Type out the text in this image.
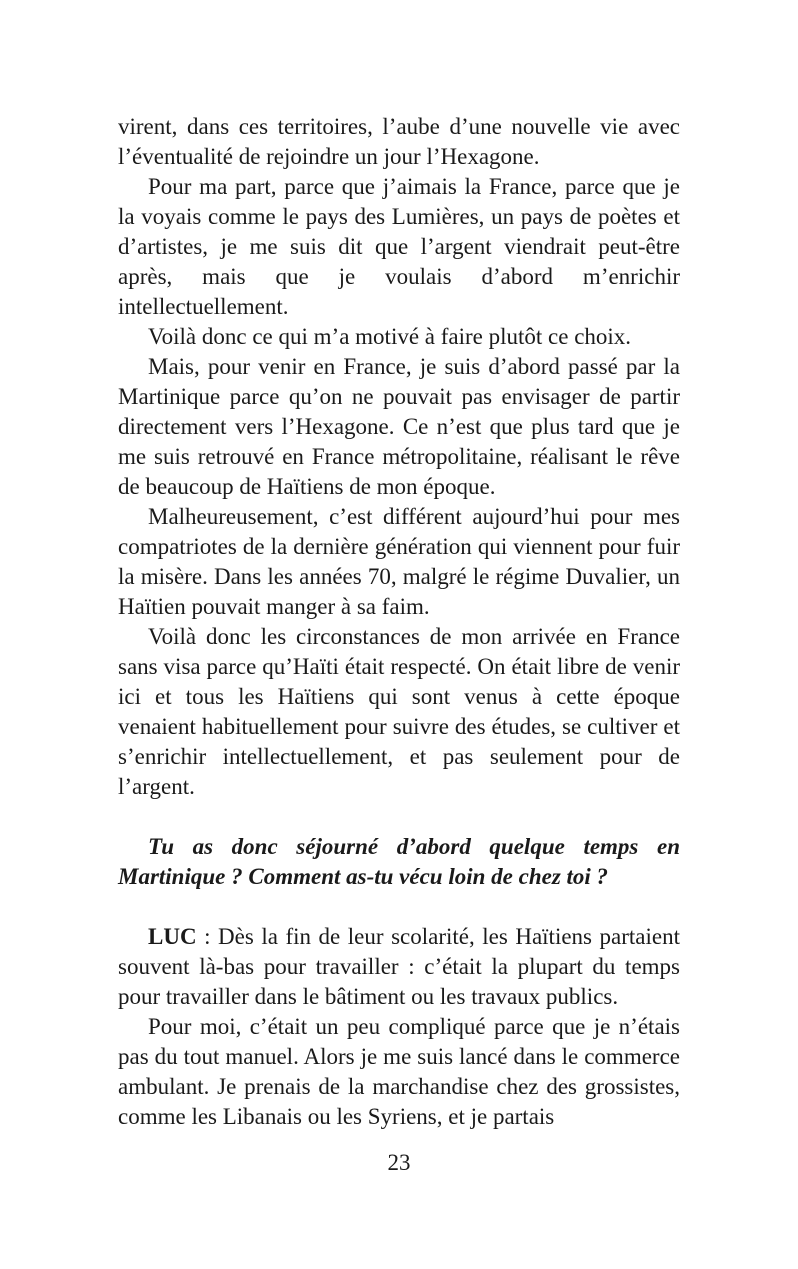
virent, dans ces territoires, l’aube d’une nouvelle vie avec l’éventualité de rejoindre un jour l’Hexagone.

Pour ma part, parce que j’aimais la France, parce que je la voyais comme le pays des Lumières, un pays de poètes et d’artistes, je me suis dit que l’argent viendrait peut-être après, mais que je voulais d’abord m’enrichir intellectuellement.

Voilà donc ce qui m’a motivé à faire plutôt ce choix.

Mais, pour venir en France, je suis d’abord passé par la Martinique parce qu’on ne pouvait pas envisager de partir directement vers l’Hexagone. Ce n’est que plus tard que je me suis retrouvé en France métropolitaine, réalisant le rêve de beaucoup de Haïtiens de mon époque.

Malheureusement, c’est différent aujourd’hui pour mes compatriotes de la dernière génération qui viennent pour fuir la misère. Dans les années 70, malgré le régime Duvalier, un Haïtien pouvait manger à sa faim.

Voilà donc les circonstances de mon arrivée en France sans visa parce qu’Haïti était respecté. On était libre de venir ici et tous les Haïtiens qui sont venus à cette époque venaient habituellement pour suivre des études, se cultiver et s’enrichir intellectuellement, et pas seulement pour de l’argent.

Tu as donc séjourné d’abord quelque temps en Martinique ? Comment as-tu vécu loin de chez toi ?

LUC : Dès la fin de leur scolarité, les Haïtiens partaient souvent là-bas pour travailler : c’était la plupart du temps pour travailler dans le bâtiment ou les travaux publics.

Pour moi, c’était un peu compliqué parce que je n’étais pas du tout manuel. Alors je me suis lancé dans le commerce ambulant. Je prenais de la marchandise chez des grossistes, comme les Libanais ou les Syriens, et je partais

23
